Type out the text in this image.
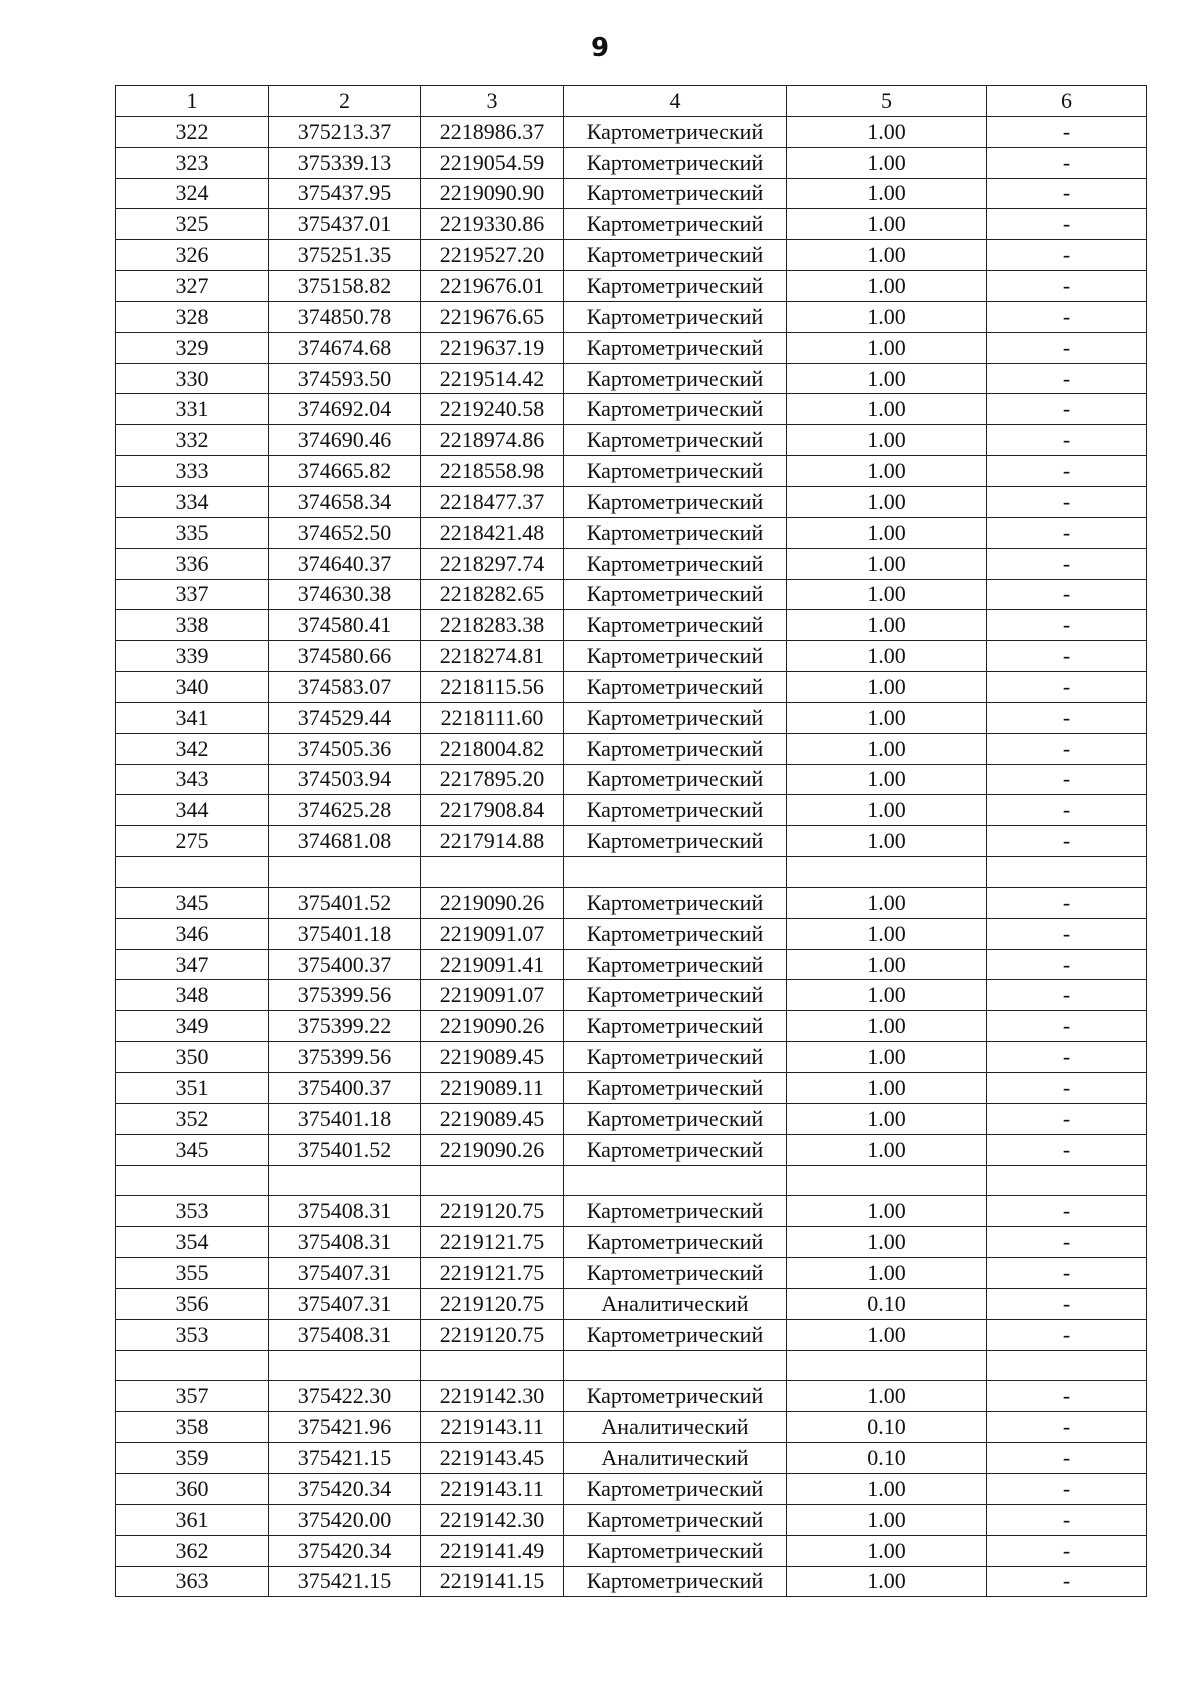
9
1	2	3	4	5	6
322	375213.37	2218986.37	Картометрический	1.00	-
323	375339.13	2219054.59	Картометрический	1.00	-
324	375437.95	2219090.90	Картометрический	1.00	-
325	375437.01	2219330.86	Картометрический	1.00	-
326	375251.35	2219527.20	Картометрический	1.00	-
327	375158.82	2219676.01	Картометрический	1.00	-
328	374850.78	2219676.65	Картометрический	1.00	-
329	374674.68	2219637.19	Картометрический	1.00	-
330	374593.50	2219514.42	Картометрический	1.00	-
331	374692.04	2219240.58	Картометрический	1.00	-
332	374690.46	2218974.86	Картометрический	1.00	-
333	374665.82	2218558.98	Картометрический	1.00	-
334	374658.34	2218477.37	Картометрический	1.00	-
335	374652.50	2218421.48	Картометрический	1.00	-
336	374640.37	2218297.74	Картометрический	1.00	-
337	374630.38	2218282.65	Картометрический	1.00	-
338	374580.41	2218283.38	Картометрический	1.00	-
339	374580.66	2218274.81	Картометрический	1.00	-
340	374583.07	2218115.56	Картометрический	1.00	-
341	374529.44	2218111.60	Картометрический	1.00	-
342	374505.36	2218004.82	Картометрический	1.00	-
343	374503.94	2217895.20	Картометрический	1.00	-
344	374625.28	2217908.84	Картометрический	1.00	-
275	374681.08	2217914.88	Картометрический	1.00	-

345	375401.52	2219090.26	Картометрический	1.00	-
346	375401.18	2219091.07	Картометрический	1.00	-
347	375400.37	2219091.41	Картометрический	1.00	-
348	375399.56	2219091.07	Картометрический	1.00	-
349	375399.22	2219090.26	Картометрический	1.00	-
350	375399.56	2219089.45	Картометрический	1.00	-
351	375400.37	2219089.11	Картометрический	1.00	-
352	375401.18	2219089.45	Картометрический	1.00	-
345	375401.52	2219090.26	Картометрический	1.00	-

353	375408.31	2219120.75	Картометрический	1.00	-
354	375408.31	2219121.75	Картометрический	1.00	-
355	375407.31	2219121.75	Картометрический	1.00	-
356	375407.31	2219120.75	Аналитический	0.10	-
353	375408.31	2219120.75	Картометрический	1.00	-

357	375422.30	2219142.30	Картометрический	1.00	-
358	375421.96	2219143.11	Аналитический	0.10	-
359	375421.15	2219143.45	Аналитический	0.10	-
360	375420.34	2219143.11	Картометрический	1.00	-
361	375420.00	2219142.30	Картометрический	1.00	-
362	375420.34	2219141.49	Картометрический	1.00	-
363	375421.15	2219141.15	Картометрический	1.00	-
